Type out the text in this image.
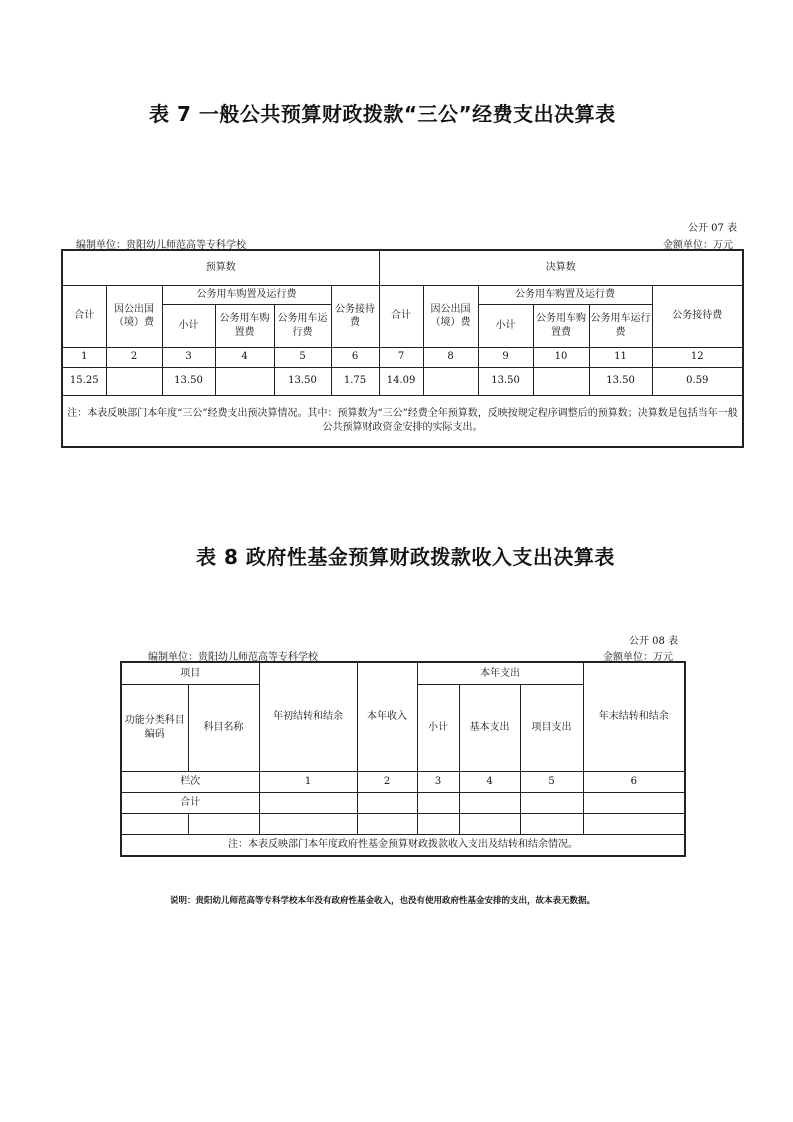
表 7 一般公共预算财政拨款“三公”经费支出决算表
公开 07 表
编制单位：贵阳幼儿师范高等专科学校	金额单位：万元
预算数						决算数					
合计	因公出国（境）费	公务用车购置及运行费			公务接待费	合计	因公出国（境）费	公务用车购置及运行费			公务接待费
		小计	公务用车购置费	公务用车运行费				小计	公务用车购置费	公务用车运行费	
1	2	3	4	5	6	7	8	9	10	11	12
15.25		13.50		13.50	1.75	14.09		13.50		13.50	0.59
注：本表反映部门本年度“三公”经费支出预决算情况。其中：预算数为“三公”经费全年预算数，反映按规定程序调整后的预算数；决算数是包括当年一般公共预算财政资金安排的实际支出。											
表 8 政府性基金预算财政拨款收入支出决算表
公开 08 表
编制单位：贵阳幼儿师范高等专科学校	金额单位：万元
项目		年初结转和结余	本年收入	本年支出			年末结转和结余
功能分类科目编码	科目名称			小计	基本支出	项目支出	
栏次		1	2	3	4	5	6
合计							

注：本表反映部门本年度政府性基金预算财政拨款收入支出及结转和结余情况。							
说明：贵阳幼儿师范高等专科学校本年没有政府性基金收入，也没有使用政府性基金安排的支出，故本表无数据。
